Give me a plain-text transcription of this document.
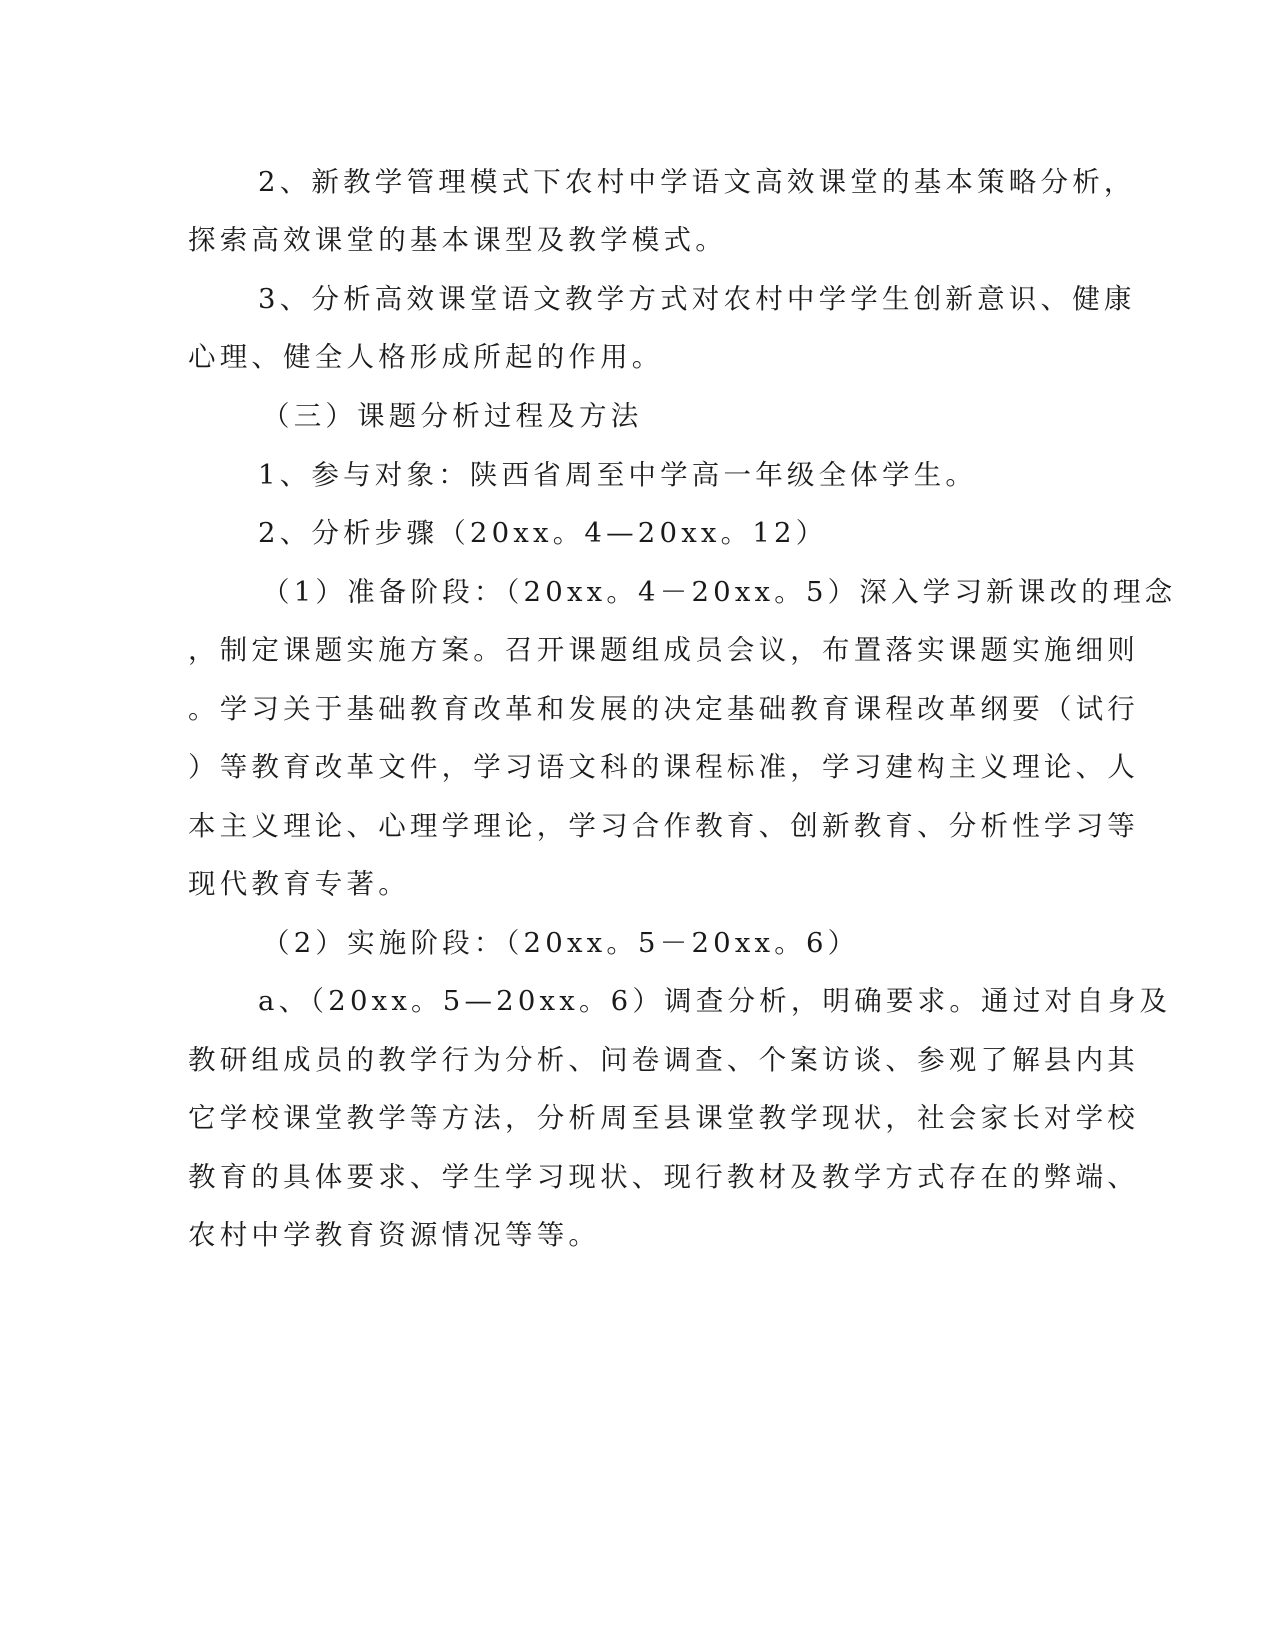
2、新教学管理模式下农村中学语文高效课堂的基本策略分析，

探索高效课堂的基本课型及教学模式。

3、分析高效课堂语文教学方式对农村中学学生创新意识、健康

心理、健全人格形成所起的作用。

（三）课题分析过程及方法

1、参与对象：陕西省周至中学高一年级全体学生。

2、分析步骤（20xx。4—20xx。12）

（1）准备阶段：（20xx。4－20xx。5）深入学习新课改的理念

，制定课题实施方案。召开课题组成员会议，布置落实课题实施细则

。学习关于基础教育改革和发展的决定基础教育课程改革纲要（试行

）等教育改革文件，学习语文科的课程标准，学习建构主义理论、人

本主义理论、心理学理论，学习合作教育、创新教育、分析性学习等

现代教育专著。

（2）实施阶段：（20xx。5－20xx。6）

a、（20xx。5—20xx。6）调查分析，明确要求。通过对自身及

教研组成员的教学行为分析、问卷调查、个案访谈、参观了解县内其

它学校课堂教学等方法，分析周至县课堂教学现状，社会家长对学校

教育的具体要求、学生学习现状、现行教材及教学方式存在的弊端、

农村中学教育资源情况等等。
